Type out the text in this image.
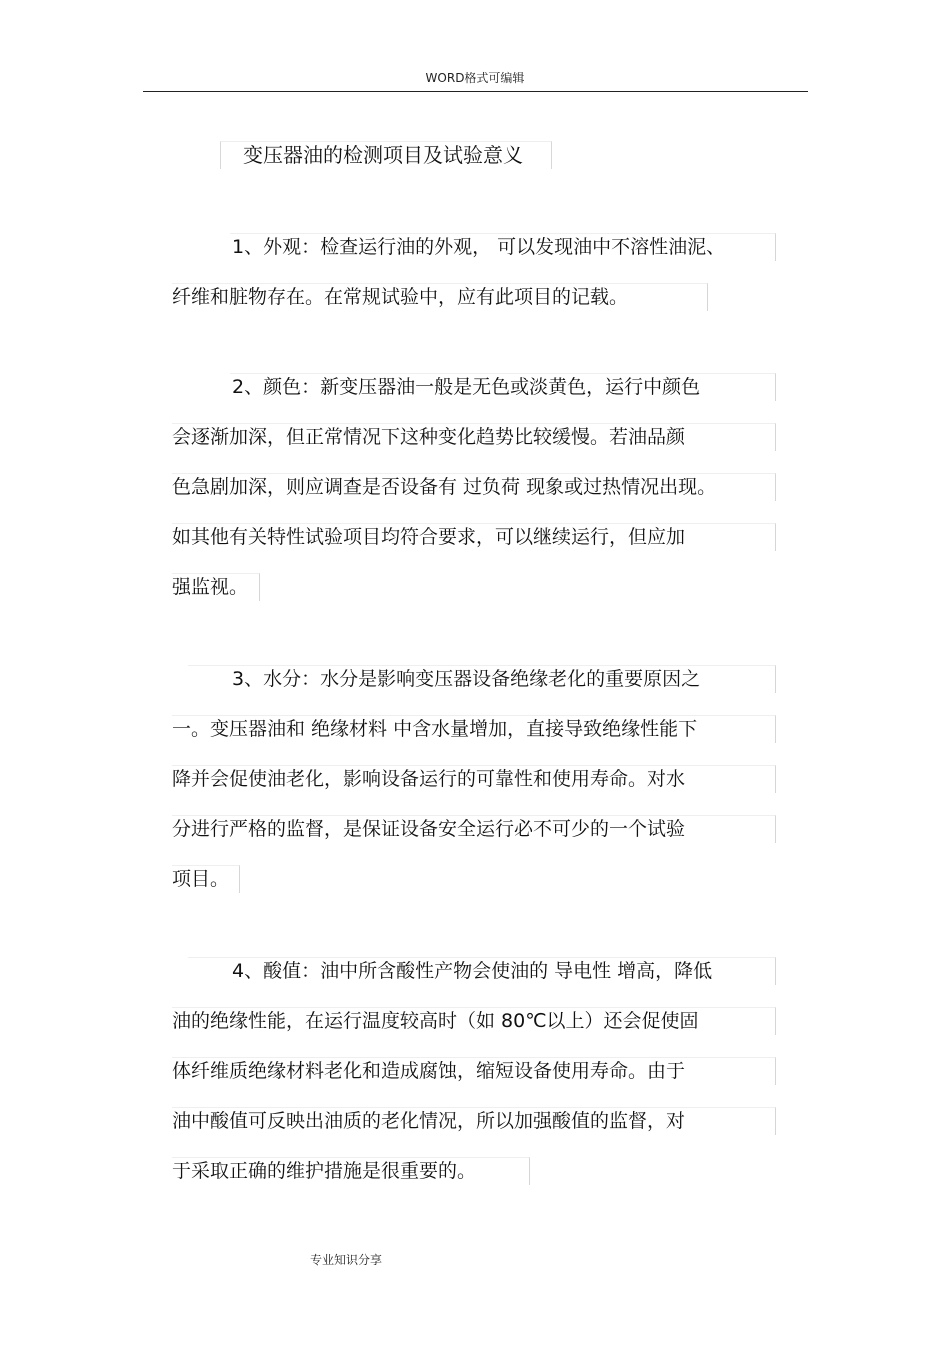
WORD格式可编辑
变压器油的检测项目及试验意义
1、外观：检查运行油的外观， 可以发现油中不溶性油泥、
纤维和脏物存在。在常规试验中，应有此项目的记载。
2、颜色：新变压器油一般是无色或淡黄色，运行中颜色
会逐渐加深，但正常情况下这种变化趋势比较缓慢。若油品颜
色急剧加深，则应调查是否设备有 过负荷 现象或过热情况出现。
如其他有关特性试验项目均符合要求，可以继续运行，但应加
强监视。
3、水分：水分是影响变压器设备绝缘老化的重要原因之
一。变压器油和 绝缘材料 中含水量增加，直接导致绝缘性能下
降并会促使油老化，影响设备运行的可靠性和使用寿命。对水
分进行严格的监督，是保证设备安全运行必不可少的一个试验
项目。
4、酸值：油中所含酸性产物会使油的 导电性 增高，降低
油的绝缘性能，在运行温度较高时（如 80℃以上）还会促使固
体纤维质绝缘材料老化和造成腐蚀，缩短设备使用寿命。由于
油中酸值可反映出油质的老化情况，所以加强酸值的监督，对
于采取正确的维护措施是很重要的。
专业知识分享
